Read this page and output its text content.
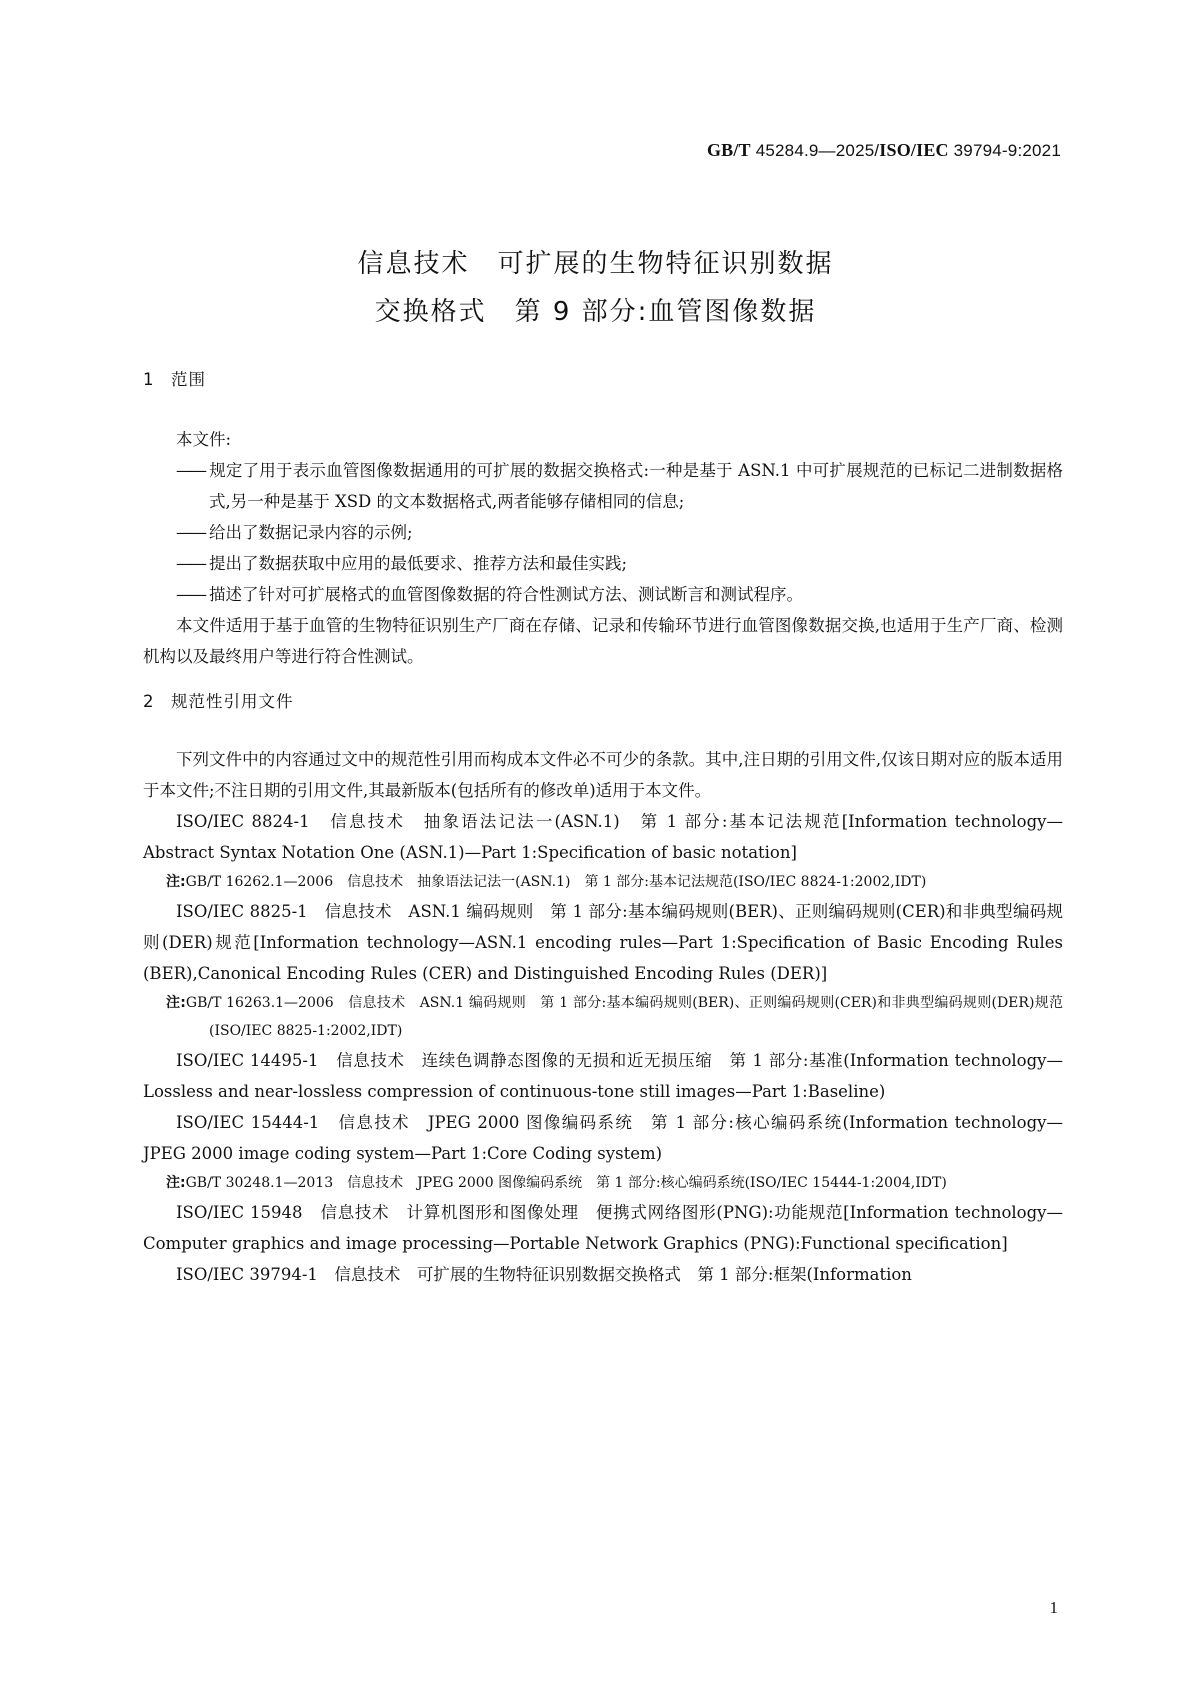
GB/T 45284.9—2025/ISO/IEC 39794-9:2021
信息技术　可扩展的生物特征识别数据
交换格式　第 9 部分:血管图像数据
1 范围
本文件:
—— 规定了用于表示血管图像数据通用的可扩展的数据交换格式:一种是基于 ASN.1 中可扩展规范的已标记二进制数据格式,另一种是基于 XSD 的文本数据格式,两者能够存储相同的信息;
—— 给出了数据记录内容的示例;
—— 提出了数据获取中应用的最低要求、推荐方法和最佳实践;
—— 描述了针对可扩展格式的血管图像数据的符合性测试方法、测试断言和测试程序。
本文件适用于基于血管的生物特征识别生产厂商在存储、记录和传输环节进行血管图像数据交换,也适用于生产厂商、检测机构以及最终用户等进行符合性测试。
2 规范性引用文件
下列文件中的内容通过文中的规范性引用而构成本文件必不可少的条款。其中,注日期的引用文件,仅该日期对应的版本适用于本文件;不注日期的引用文件,其最新版本(包括所有的修改单)适用于本文件。
ISO/IEC 8824-1　信息技术　抽象语法记法一(ASN.1)　第 1 部分:基本记法规范[Information technology—Abstract Syntax Notation One (ASN.1)—Part 1:Specification of basic notation]
注:GB/T 16262.1—2006　信息技术　抽象语法记法一(ASN.1)　第 1 部分:基本记法规范(ISO/IEC 8824-1:2002,IDT)
ISO/IEC 8825-1　信息技术　ASN.1 编码规则　第 1 部分:基本编码规则(BER)、正则编码规则(CER)和非典型编码规则(DER)规范[Information technology—ASN.1 encoding rules—Part 1:Specification of Basic Encoding Rules (BER),Canonical Encoding Rules (CER) and Distinguished Encoding Rules (DER)]
注:GB/T 16263.1—2006　信息技术　ASN.1 编码规则　第 1 部分:基本编码规则(BER)、正则编码规则(CER)和非典型编码规则(DER)规范(ISO/IEC 8825-1:2002,IDT)
ISO/IEC 14495-1　信息技术　连续色调静态图像的无损和近无损压缩　第 1 部分:基准(Information technology—Lossless and near-lossless compression of continuous-tone still images—Part 1:Baseline)
ISO/IEC 15444-1　信息技术　JPEG 2000 图像编码系统　第 1 部分:核心编码系统(Information technology—JPEG 2000 image coding system—Part 1:Core Coding system)
注:GB/T 30248.1—2013　信息技术　JPEG 2000 图像编码系统　第 1 部分:核心编码系统(ISO/IEC 15444-1:2004,IDT)
ISO/IEC 15948　信息技术　计算机图形和图像处理　便携式网络图形(PNG):功能规范[Information technology—Computer graphics and image processing—Portable Network Graphics (PNG):Functional specification]
ISO/IEC 39794-1　信息技术　可扩展的生物特征识别数据交换格式　第 1 部分:框架(Information
1
